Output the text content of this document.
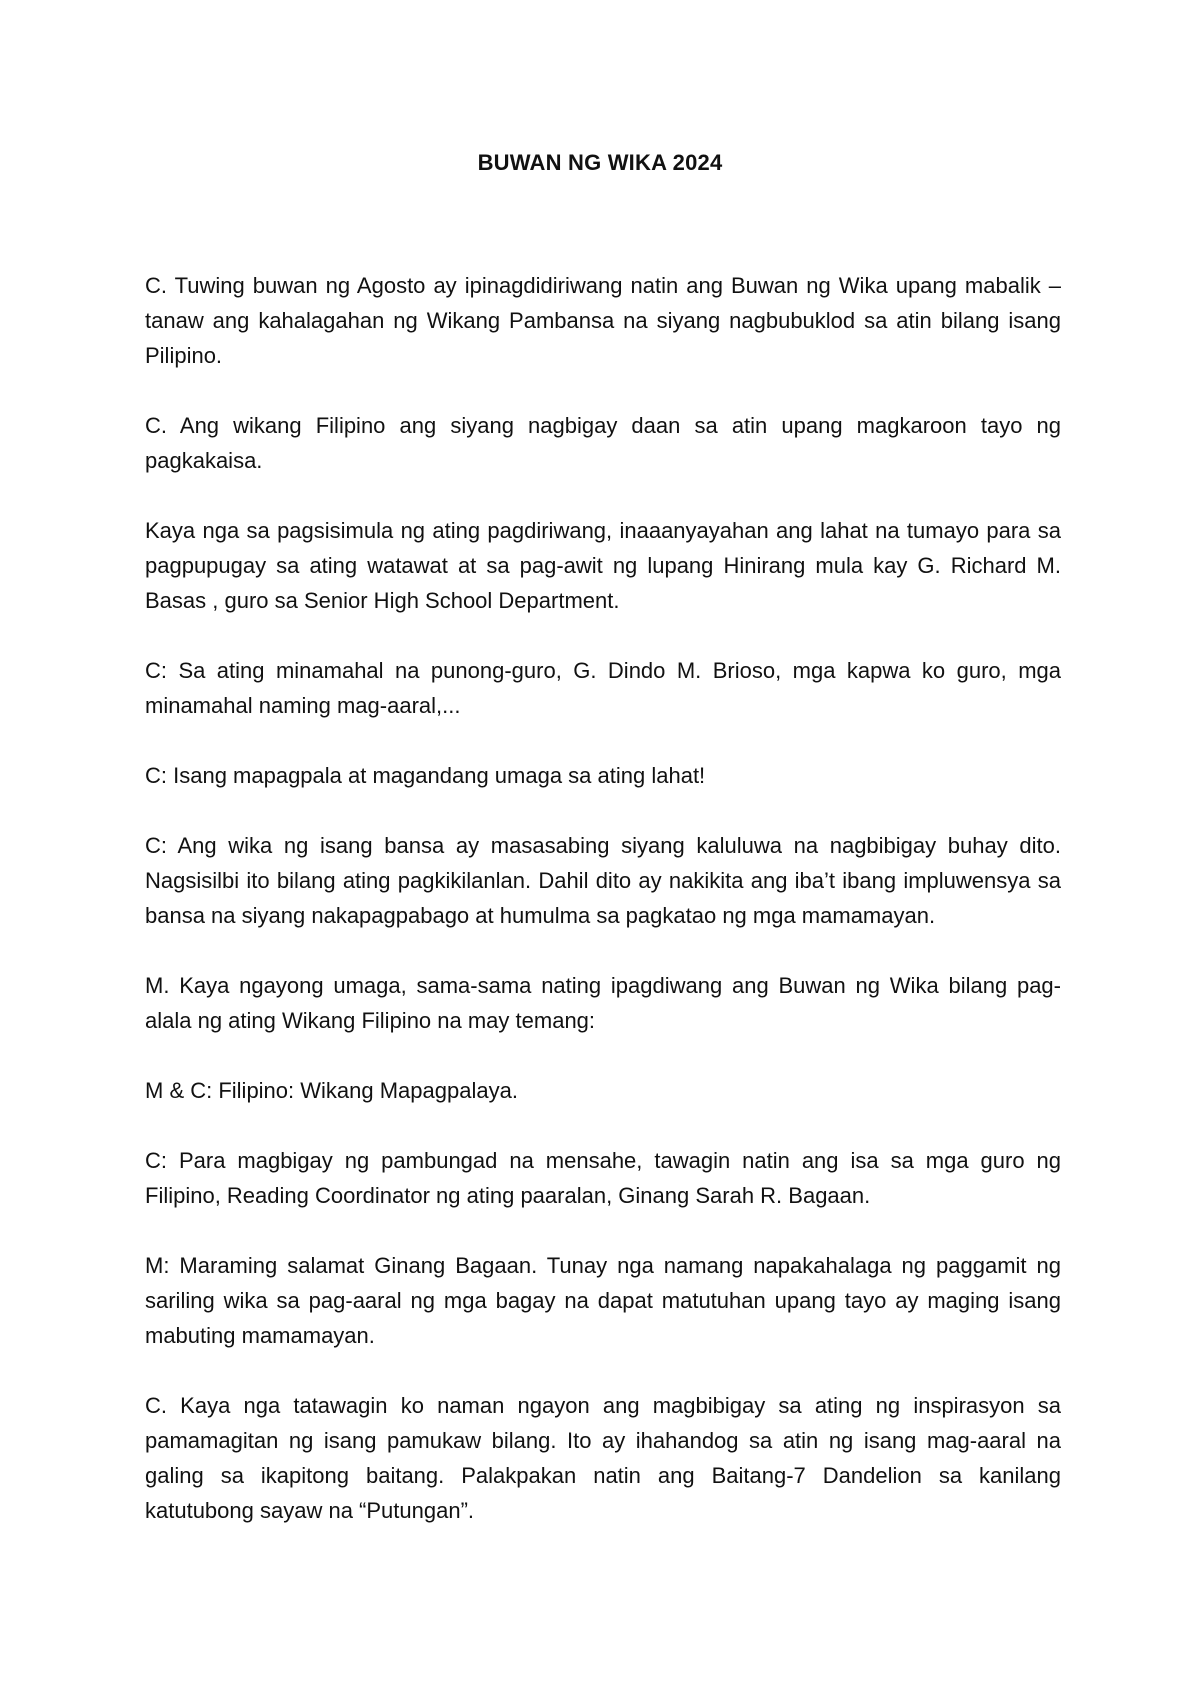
BUWAN NG WIKA 2024

C. Tuwing buwan ng Agosto ay ipinagdidiriwang natin ang Buwan ng Wika upang mabalik – tanaw ang kahalagahan ng Wikang Pambansa na siyang nagbubuklod sa atin bilang isang Pilipino.

C. Ang wikang Filipino ang siyang nagbigay daan sa atin upang magkaroon tayo ng pagkakaisa.

Kaya nga sa pagsisimula ng ating pagdiriwang, inaaanyayahan ang lahat na tumayo para sa pagpupugay sa ating watawat at sa pag-awit ng lupang Hinirang mula kay G. Richard M. Basas , guro sa Senior High School Department.

C: Sa ating minamahal na punong-guro, G. Dindo M. Brioso, mga kapwa ko guro, mga minamahal naming mag-aaral,...

C: Isang mapagpala at magandang umaga sa ating lahat!

C: Ang wika ng isang bansa ay masasabing siyang kaluluwa na nagbibigay buhay dito. Nagsisilbi ito bilang ating pagkikilanlan. Dahil dito ay nakikita ang iba’t ibang impluwensya sa bansa na siyang nakapagpabago at humulma sa pagkatao ng mga mamamayan.

M. Kaya ngayong umaga, sama-sama nating ipagdiwang ang Buwan ng Wika bilang pag-alala ng ating Wikang Filipino na may temang:

M & C: Filipino: Wikang Mapagpalaya.

C: Para magbigay ng pambungad na mensahe, tawagin natin ang isa sa mga guro ng Filipino, Reading Coordinator ng ating paaralan, Ginang Sarah R. Bagaan.

M: Maraming salamat Ginang Bagaan. Tunay nga namang napakahalaga ng paggamit ng sariling wika sa pag-aaral ng mga bagay na dapat matutuhan upang tayo ay maging isang mabuting mamamayan.

C. Kaya nga tatawagin ko naman ngayon ang magbibigay sa ating ng inspirasyon sa pamamagitan ng isang pamukaw bilang. Ito ay ihahandog sa atin ng isang mag-aaral na galing sa ikapitong baitang. Palakpakan natin ang Baitang-7 Dandelion sa kanilang katutubong sayaw na “Putungan”.
